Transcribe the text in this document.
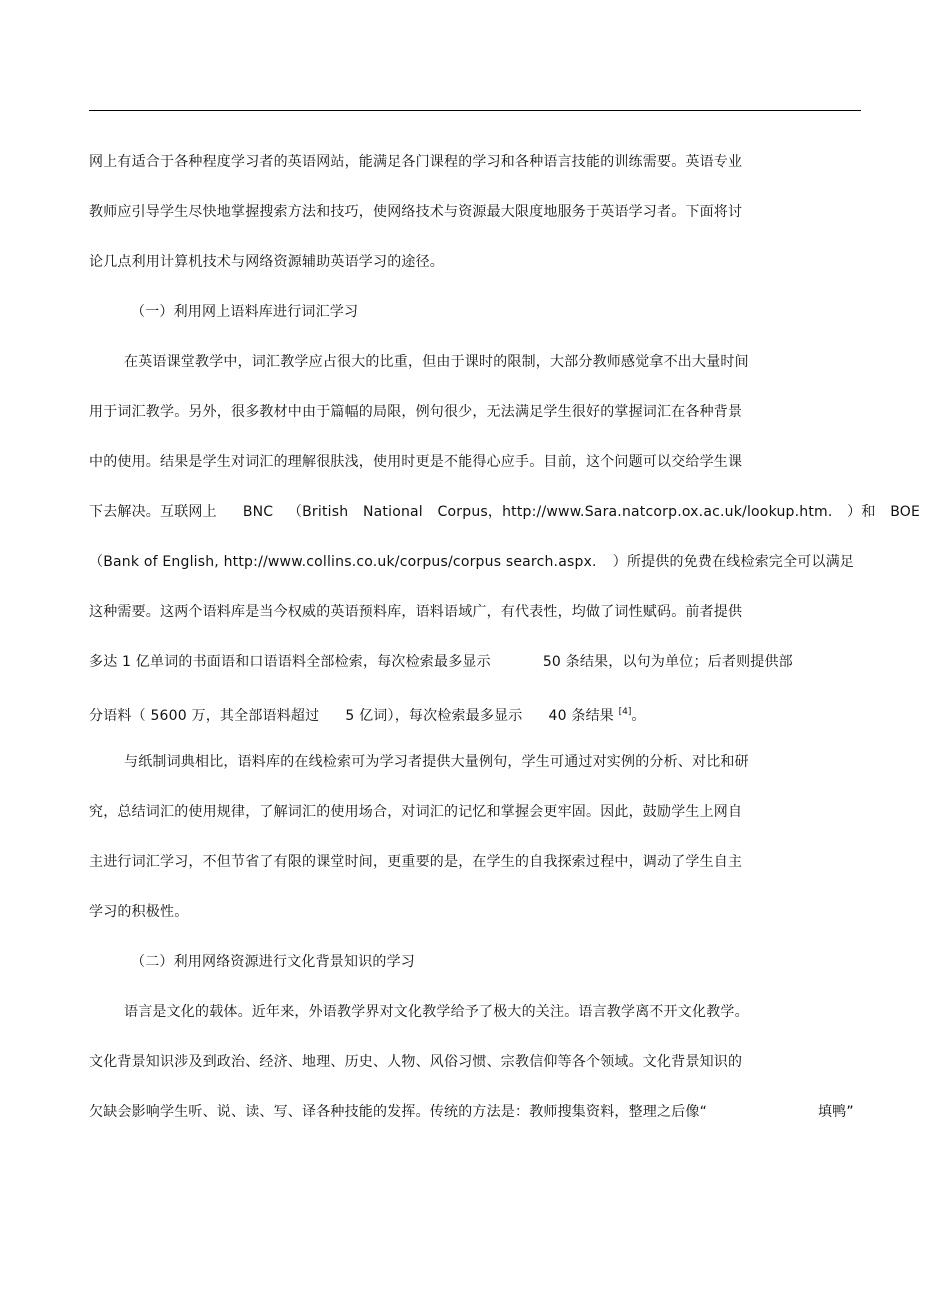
网上有适合于各种程度学习者的英语网站，能满足各门课程的学习和各种语言技能的训练需要。英语专业
教师应引导学生尽快地掌握搜索方法和技巧，使网络技术与资源最大限度地服务于英语学习者。下面将讨
论几点利用计算机技术与网络资源辅助英语学习的途径。
（一）利用网上语料库进行词汇学习
在英语课堂教学中，词汇教学应占很大的比重，但由于课时的限制，大部分教师感觉拿不出大量时间
用于词汇教学。另外，很多教材中由于篇幅的局限，例句很少，无法满足学生很好的掌握词汇在各种背景
中的使用。结果是学生对词汇的理解很肤浅，使用时更是不能得心应手。目前，这个问题可以交给学生课
下去解决。互联网上 BNC （British National Corpus，http://www.Sara.natcorp.ox.ac.uk/lookup.htm. ）和 BOE
（Bank of English, http://www.collins.co.uk/corpus/corpus search.aspx. ）所提供的免费在线检索完全可以满足
这种需要。这两个语料库是当今权威的英语预料库，语料语域广，有代表性，均做了词性赋码。前者提供
多达 1 亿单词的书面语和口语语料全部检索，每次检索最多显示	50 条结果，以句为单位；后者则提供部
分语料（ 5600 万，其全部语料超过 5 亿词），每次检索最多显示 40 条结果 [4]。
与纸制词典相比，语料库的在线检索可为学习者提供大量例句，学生可通过对实例的分析、对比和研
究，总结词汇的使用规律，了解词汇的使用场合，对词汇的记忆和掌握会更牢固。因此，鼓励学生上网自
主进行词汇学习，不但节省了有限的课堂时间，更重要的是，在学生的自我探索过程中，调动了学生自主
学习的积极性。
（二）利用网络资源进行文化背景知识的学习
语言是文化的载体。近年来，外语教学界对文化教学给予了极大的关注。语言教学离不开文化教学。
文化背景知识涉及到政治、经济、地理、历史、人物、风俗习惯、宗教信仰等各个领域。文化背景知识的
欠缺会影响学生听、说、读、写、译各种技能的发挥。传统的方法是：教师搜集资料，整理之后像“	填鸭”
